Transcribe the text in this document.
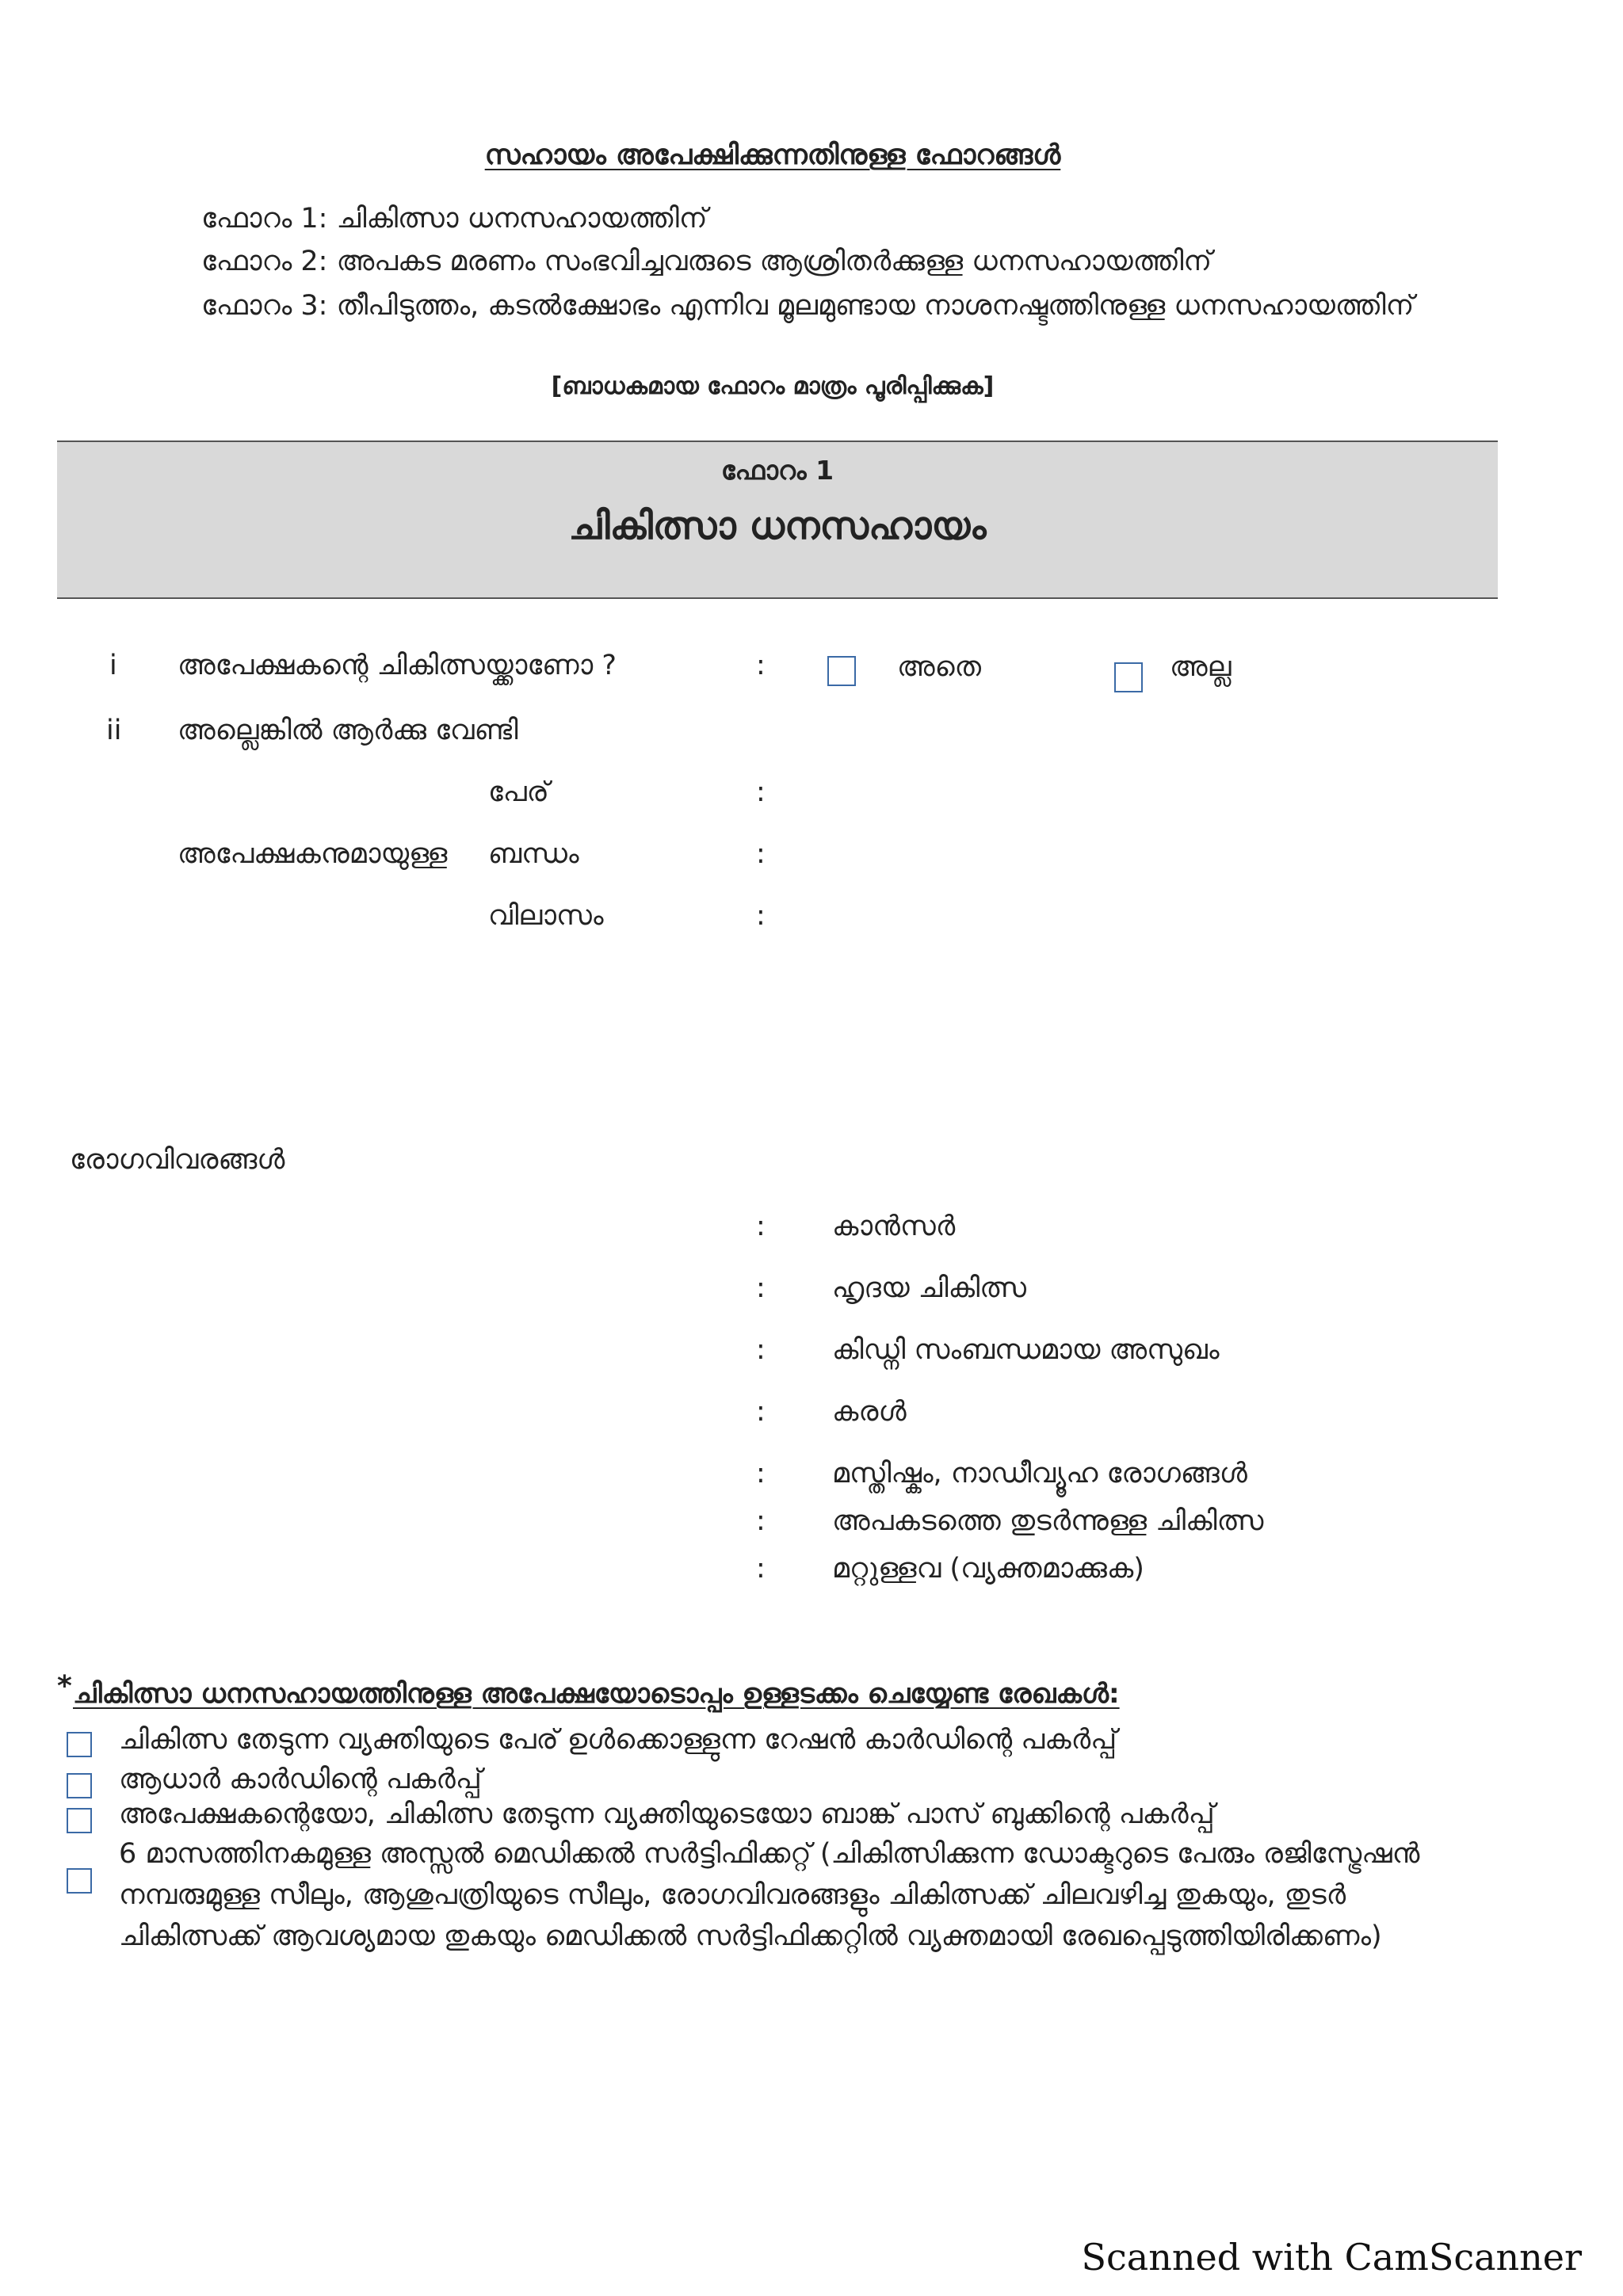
സഹായം അപേക്ഷിക്കുന്നതിനുള്ള ഫോറങ്ങൾ
ഫോറം 1: ചികിത്സാ ധനസഹായത്തിന്
ഫോറം 2: അപകട മരണം സംഭവിച്ചവരുടെ ആശ്രിതർക്കുള്ള ധനസഹായത്തിന്
ഫോറം 3: തീപിടുത്തം, കടൽക്ഷോഭം എന്നിവ മൂലമുണ്ടായ നാശനഷ്ടത്തിനുള്ള ധനസഹായത്തിന്
[ബാധകമായ ഫോറം മാത്രം പൂരിപ്പിക്കുക]
ഫോറം 1
ചികിത്സാ ധനസഹായം
i അപേക്ഷകന്റെ ചികിത്സയ്ക്കാണോ ?	:	അതെ	അല്ല
ii അല്ലെങ്കിൽ ആർക്കു വേണ്ടി
പേര്	:
അപേക്ഷകനുമായുള്ള ബന്ധം	:
വിലാസം	:
രോഗവിവരങ്ങൾ
: കാൻസർ
: ഹൃദയ ചികിത്സ
: കിഡ്നി സംബന്ധമായ അസുഖം
: കരൾ
: മസ്തിഷ്കം, നാഡീവ്യൂഹ രോഗങ്ങൾ
: അപകടത്തെ തുടർന്നുള്ള ചികിത്സ
: മറ്റുള്ളവ (വ്യക്തമാക്കുക)
* ചികിത്സാ ധനസഹായത്തിനുള്ള അപേക്ഷയോടൊപ്പം ഉള്ളടക്കം ചെയ്യേണ്ട രേഖകൾ:
ചികിത്സ തേടുന്ന വ്യക്തിയുടെ പേര് ഉൾക്കൊള്ളുന്ന റേഷൻ കാർഡിന്റെ പകർപ്പ്
ആധാർ കാർഡിന്റെ പകർപ്പ്
അപേക്ഷകന്റെയോ, ചികിത്സ തേടുന്ന വ്യക്തിയുടെയോ ബാങ്ക് പാസ് ബുക്കിന്റെ പകർപ്പ്
6 മാസത്തിനകമുള്ള അസ്സൽ മെഡിക്കൽ സർട്ടിഫിക്കറ്റ് (ചികിത്സിക്കുന്ന ഡോക്ടറുടെ പേരും രജിസ്ട്രേഷൻ
നമ്പരുമുള്ള സീലും, ആശുപത്രിയുടെ സീലും, രോഗവിവരങ്ങളും ചികിത്സക്ക് ചിലവഴിച്ച തുകയും, തുടർ
ചികിത്സക്ക് ആവശ്യമായ തുകയും മെഡിക്കൽ സർട്ടിഫിക്കറ്റിൽ വ്യക്തമായി രേഖപ്പെടുത്തിയിരിക്കണം)
Scanned with CamScanner
